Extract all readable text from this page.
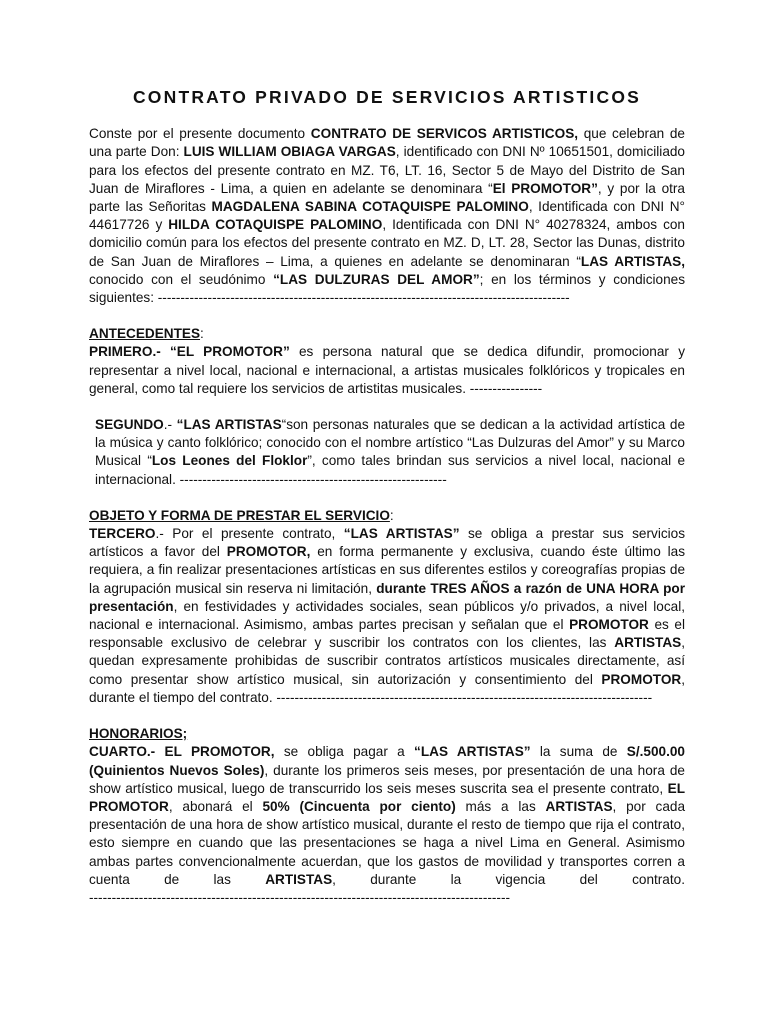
CONTRATO PRIVADO DE SERVICIOS ARTISTICOS

Conste por el presente documento CONTRATO DE SERVICOS ARTISTICOS, que celebran de una parte Don: LUIS WILLIAM OBIAGA VARGAS, identificado con DNI Nº 10651501, domiciliado para los efectos del presente contrato en MZ. T6, LT. 16, Sector 5 de Mayo del Distrito de San Juan de Miraflores - Lima, a quien en adelante se denominara “El PROMOTOR”, y por la otra parte las Señoritas MAGDALENA SABINA COTAQUISPE PALOMINO, Identificada con DNI N° 44617726 y HILDA COTAQUISPE PALOMINO, Identificada con DNI N° 40278324, ambos con domicilio común para los efectos del presente contrato en MZ. D, LT. 28, Sector las Dunas, distrito de San Juan de Miraflores – Lima, a quienes en adelante se denominaran “LAS ARTISTAS, conocido con el seudónimo “LAS DULZURAS DEL AMOR”; en los términos y condiciones siguientes: -------------------------------------------------------------------------------------------

ANTECEDENTES:

PRIMERO.- “EL PROMOTOR” es persona natural que se dedica difundir, promocionar y representar a nivel local, nacional e internacional, a artistas musicales folklóricos y tropicales en general, como tal requiere los servicios de artistitas musicales. ----------------

SEGUNDO.- “LAS ARTISTAS“son personas naturales que se dedican a la actividad artística de la música y canto folklórico; conocido con el nombre artístico “Las Dulzuras del Amor” y su Marco Musical “Los Leones del Floklor”, como tales brindan sus servicios a nivel local, nacional e internacional. -----------------------------------------------------------

OBJETO Y FORMA DE PRESTAR EL SERVICIO:

TERCERO.- Por el presente contrato, “LAS ARTISTAS” se obliga a prestar sus servicios artísticos a favor del PROMOTOR, en forma permanente y exclusiva, cuando éste último las requiera, a fin realizar presentaciones artísticas en sus diferentes estilos y coreografías propias de la agrupación musical sin reserva ni limitación, durante TRES AÑOS a razón de UNA HORA por presentación, en festividades y actividades sociales, sean públicos y/o privados, a nivel local, nacional e internacional. Asimismo, ambas partes precisan y señalan que el PROMOTOR es el responsable exclusivo de celebrar y suscribir los contratos con los clientes, las ARTISTAS, quedan expresamente prohibidas de suscribir contratos artísticos musicales directamente, así como presentar show artístico musical, sin autorización y consentimiento del PROMOTOR, durante el tiempo del contrato. -----------------------------------------------------------------------------------

HONORARIOS;

CUARTO.- EL PROMOTOR, se obliga pagar a “LAS ARTISTAS” la suma de S/.500.00 (Quinientos Nuevos Soles), durante los primeros seis meses, por presentación de una hora de show artístico musical, luego de transcurrido los seis meses suscrita sea el presente contrato, EL PROMOTOR, abonará el 50% (Cincuenta por ciento) más a las ARTISTAS, por cada presentación de una hora de show artístico musical, durante el resto de tiempo que rija el contrato, esto siempre en cuando que las presentaciones se haga a nivel Lima en General. Asimismo ambas partes convencionalmente acuerdan, que los gastos de movilidad y transportes corren a cuenta de las ARTISTAS, durante la vigencia del contrato.

---------------------------------------------------------------------------------------------
